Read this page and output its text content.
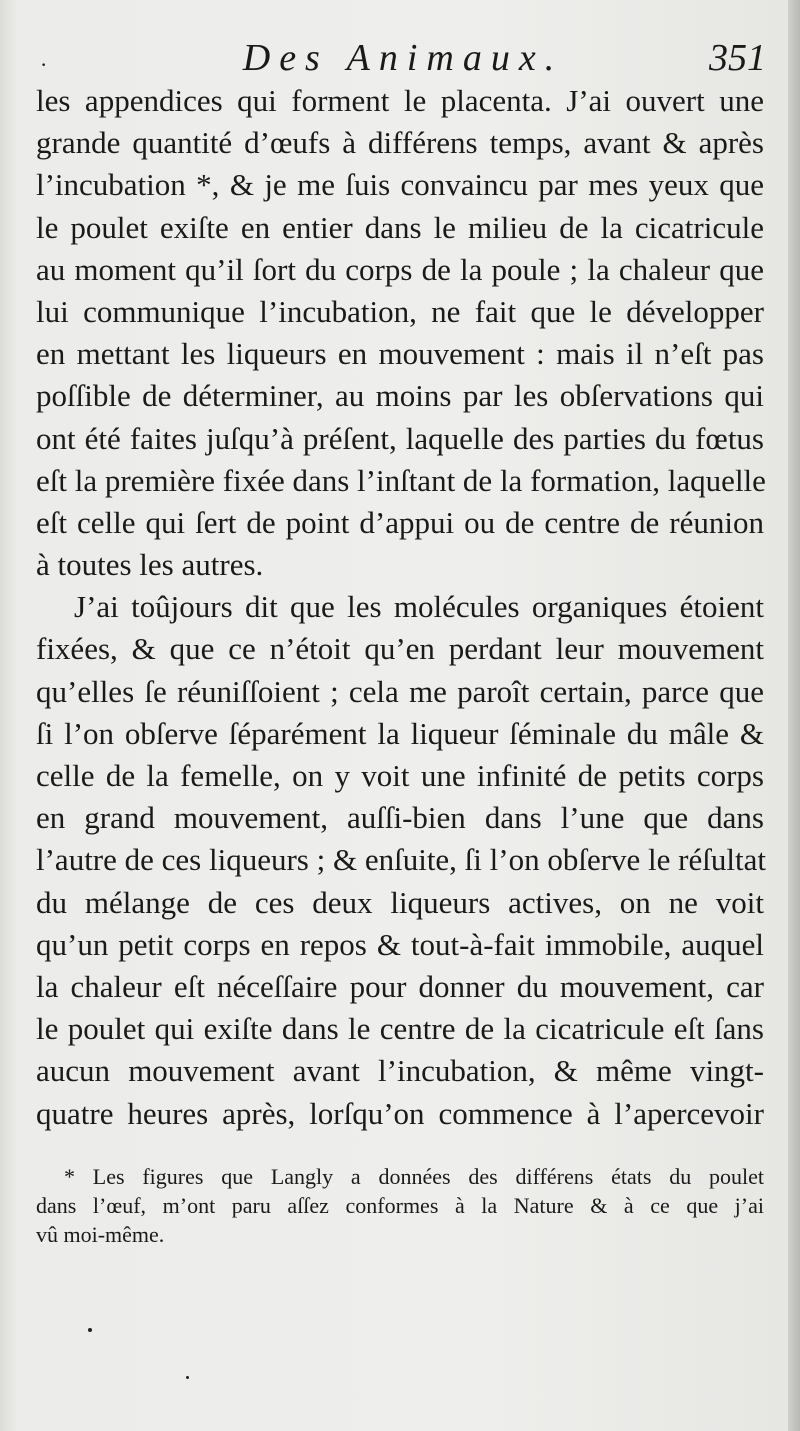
·	Des Animaux.	351
les appendices qui forment le placenta. J’ai ouvert une
grande quantité d’œufs à différens temps, avant & après
l’incubation *, & je me ſuis convaincu par mes yeux que
le poulet exiſte en entier dans le milieu de la cicatricule
au moment qu’il ſort du corps de la poule ; la chaleur que
lui communique l’incubation, ne fait que le développer
en mettant les liqueurs en mouvement : mais il n’eſt pas
poſſible de déterminer, au moins par les obſervations qui
ont été faites juſqu’à préſent, laquelle des parties du fœtus
eſt la première fixée dans l’inſtant de la formation, laquelle
eſt celle qui ſert de point d’appui ou de centre de réunion
à toutes les autres.
J’ai toûjours dit que les molécules organiques étoient
fixées, & que ce n’étoit qu’en perdant leur mouvement
qu’elles ſe réuniſſoient ; cela me paroît certain, parce que
ſi l’on obſerve ſéparément la liqueur ſéminale du mâle &
celle de la femelle, on y voit une infinité de petits corps
en grand mouvement, auſſi-bien dans l’une que dans
l’autre de ces liqueurs ; & enſuite, ſi l’on obſerve le réſultat
du mélange de ces deux liqueurs actives, on ne voit
qu’un petit corps en repos & tout-à-fait immobile, auquel
la chaleur eſt néceſſaire pour donner du mouvement, car
le poulet qui exiſte dans le centre de la cicatricule eſt ſans
aucun mouvement avant l’incubation, & même vingt-
quatre heures après, lorſqu’on commence à l’apercevoir
* Les figures que Langly a données des différens états du poulet
dans l’œuf, m’ont paru aſſez conformes à la Nature & à ce que j’ai
vû moi-même.
